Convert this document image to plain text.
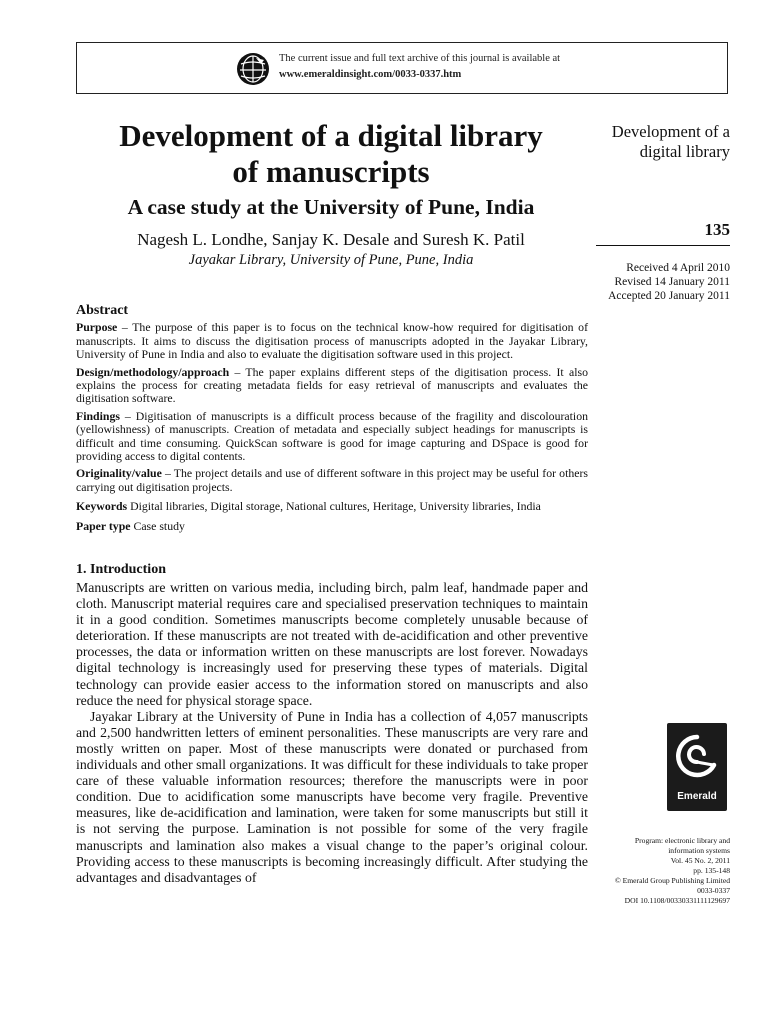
The current issue and full text archive of this journal is available at
www.emeraldinsight.com/0033-0337.htm
Development of a digital library
of manuscripts
A case study at the University of Pune, India
Nagesh L. Londhe, Sanjay K. Desale and Suresh K. Patil
Jayakar Library, University of Pune, Pune, India
Development of a
digital library
135
Received 4 April 2010
Revised 14 January 2011
Accepted 20 January 2011
Abstract

Purpose – The purpose of this paper is to focus on the technical know-how required for digitisation of manuscripts. It aims to discuss the digitisation process of manuscripts adopted in the Jayakar Library, University of Pune in India and also to evaluate the digitisation software used in this project.

Design/methodology/approach – The paper explains different steps of the digitisation process. It also explains the process for creating metadata fields for easy retrieval of manuscripts and evaluates the digitisation software.

Findings – Digitisation of manuscripts is a difficult process because of the fragility and discolouration (yellowishness) of manuscripts. Creation of metadata and especially subject headings for manuscripts is difficult and time consuming. QuickScan software is good for image capturing and DSpace is good for providing access to digital contents.

Originality/value – The project details and use of different software in this project may be useful for others carrying out digitisation projects.

Keywords Digital libraries, Digital storage, National cultures, Heritage, University libraries, India

Paper type Case study

1. Introduction

Manuscripts are written on various media, including birch, palm leaf, handmade paper and cloth. Manuscript material requires care and specialised preservation techniques to maintain it in a good condition. Sometimes manuscripts become completely unusable because of deterioration. If these manuscripts are not treated with de-acidification and other preventive processes, the data or information written on these manuscripts are lost forever. Nowadays digital technology is increasingly used for preserving these types of materials. Digital technology can provide easier access to the information stored on manuscripts and also reduce the need for physical storage space.

Jayakar Library at the University of Pune in India has a collection of 4,057 manuscripts and 2,500 handwritten letters of eminent personalities. These manuscripts are very rare and mostly written on paper. Most of these manuscripts were donated or purchased from individuals and other small organizations. It was difficult for these individuals to take proper care of these valuable information resources; therefore the manuscripts were in poor condition. Due to acidification some manuscripts have become very fragile. Preventive measures, like de-acidification and lamination, were taken for some manuscripts but still it is not serving the purpose. Lamination is not possible for some of the very fragile manuscripts and lamination also makes a visual change to the paper’s original colour. Providing access to these manuscripts is becoming increasingly difficult. After studying the advantages and disadvantages of

Emerald
Program: electronic library and
information systems
Vol. 45 No. 2, 2011
pp. 135-148
© Emerald Group Publishing Limited
0033-0337
DOI 10.1108/00330331111129697
